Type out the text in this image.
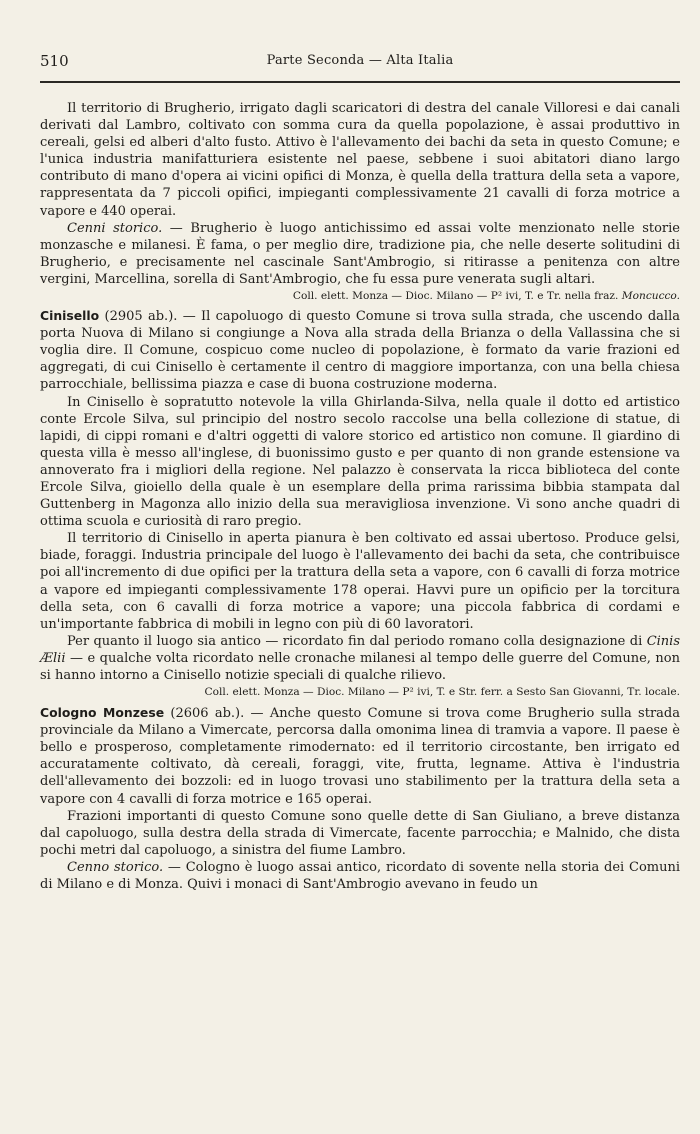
510	Parte Seconda — Alta Italia

Il territorio di Brugherio, irrigato dagli scaricatori di destra del canale Villoresi e dai canali derivati dal Lambro, coltivato con somma cura da quella popolazione, è assai produttivo in cereali, gelsi ed alberi d'alto fusto. Attivo è l'allevamento dei bachi da seta in questo Comune; e l'unica industria manifatturiera esistente nel paese, sebbene i suoi abitatori diano largo contributo di mano d'opera ai vicini opifici di Monza, è quella della trattura della seta a vapore, rappresentata da 7 piccoli opifici, impieganti complessivamente 21 cavalli di forza motrice a vapore e 440 operai.

Cenni storico. — Brugherio è luogo antichissimo ed assai volte menzionato nelle storie monzasche e milanesi. È fama, o per meglio dire, tradizione pia, che nelle deserte solitudini di Brugherio, e precisamente nel cascinale Sant'Ambrogio, si ritirasse a penitenza con altre vergini, Marcellina, sorella di Sant'Ambrogio, che fu essa pure venerata sugli altari.

Coll. elett. Monza — Dioc. Milano — P² ivi, T. e Tr. nella fraz. Moncucco.

Cinisello (2905 ab.). — Il capoluogo di questo Comune si trova sulla strada, che uscendo dalla porta Nuova di Milano si congiunge a Nova alla strada della Brianza o della Vallassina che si voglia dire. Il Comune, cospicuo come nucleo di popolazione, è formato da varie frazioni ed aggregati, di cui Cinisello è certamente il centro di maggiore importanza, con una bella chiesa parrocchiale, bellissima piazza e case di buona costruzione moderna.

In Cinisello è sopratutto notevole la villa Ghirlanda-Silva, nella quale il dotto ed artistico conte Ercole Silva, sul principio del nostro secolo raccolse una bella collezione di statue, di lapidi, di cippi romani e d'altri oggetti di valore storico ed artistico non comune. Il giardino di questa villa è messo all'inglese, di buonissimo gusto e per quanto di non grande estensione va annoverato fra i migliori della regione. Nel palazzo è conservata la ricca biblioteca del conte Ercole Silva, gioiello della quale è un esemplare della prima rarissima bibbia stampata dal Guttenberg in Magonza allo inizio della sua meravigliosa invenzione. Vi sono anche quadri di ottima scuola e curiosità di raro pregio.

Il territorio di Cinisello in aperta pianura è ben coltivato ed assai ubertoso. Produce gelsi, biade, foraggi. Industria principale del luogo è l'allevamento dei bachi da seta, che contribuisce poi all'incremento di due opifici per la trattura della seta a vapore, con 6 cavalli di forza motrice a vapore ed impieganti complessivamente 178 operai. Havvi pure un opificio per la torcitura della seta, con 6 cavalli di forza motrice a vapore; una piccola fabbrica di cordami e un'importante fabbrica di mobili in legno con più di 60 lavoratori.

Per quanto il luogo sia antico — ricordato fin dal periodo romano colla designazione di Cinis Ælii — e qualche volta ricordato nelle cronache milanesi al tempo delle guerre del Comune, non si hanno intorno a Cinisello notizie speciali di qualche rilievo.

Coll. elett. Monza — Dioc. Milano — P² ivi, T. e Str. ferr. a Sesto San Giovanni, Tr. locale.

Cologno Monzese (2606 ab.). — Anche questo Comune si trova come Brugherio sulla strada provinciale da Milano a Vimercate, percorsa dalla omonima linea di tramvia a vapore. Il paese è bello e prosperoso, completamente rimodernato: ed il territorio circostante, ben irrigato ed accuratamente coltivato, dà cereali, foraggi, vite, frutta, legname. Attiva è l'industria dell'allevamento dei bozzoli: ed in luogo trovasi uno stabilimento per la trattura della seta a vapore con 4 cavalli di forza motrice e 165 operai.

Frazioni importanti di questo Comune sono quelle dette di San Giuliano, a breve distanza dal capoluogo, sulla destra della strada di Vimercate, facente parrocchia; e Malnido, che dista pochi metri dal capoluogo, a sinistra del fiume Lambro.

Cenno storico. — Cologno è luogo assai antico, ricordato di sovente nella storia dei Comuni di Milano e di Monza. Quivi i monaci di Sant'Ambrogio avevano in feudo un
